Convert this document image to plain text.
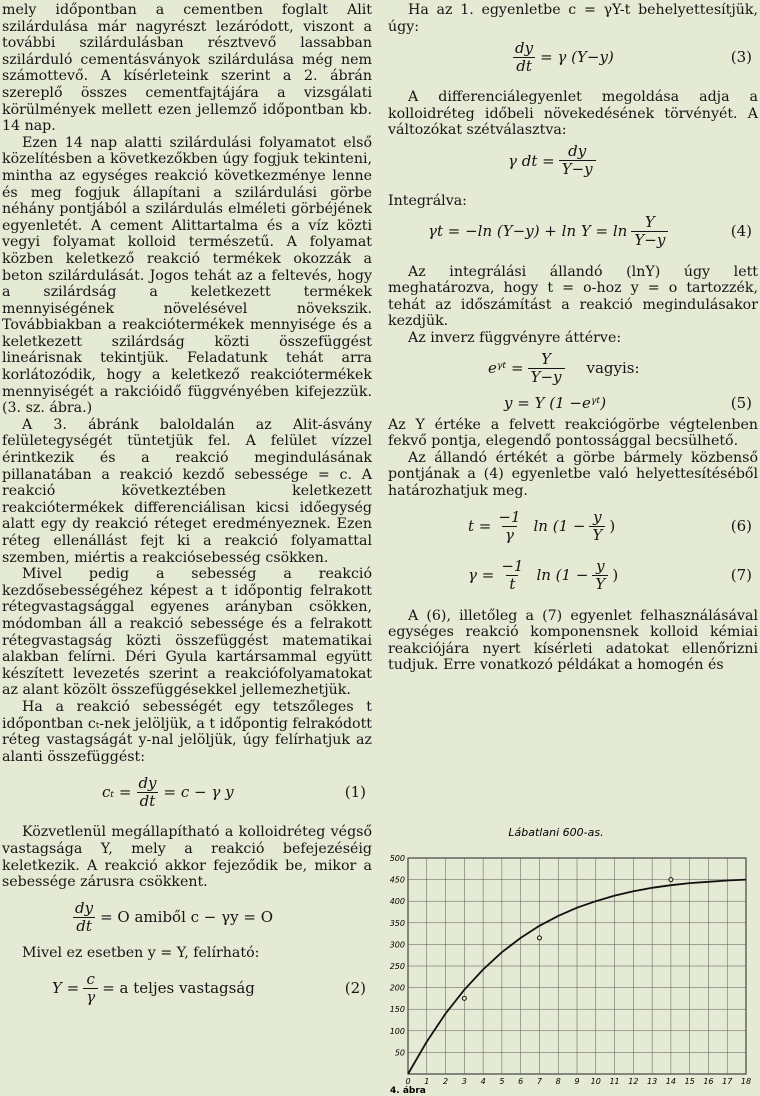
mely időpontban a cementben foglalt Alit szilárdulása már nagyrészt lezáródott, viszont a további szilárdulásban résztvevő lassabban szilárduló cementásványok szilárdulása még nem számottevő. A kísérleteink szerint a 2. ábrán szereplő összes cementfajtájára a vizsgálati körülmények mellett ezen jellemző időpontban kb. 14 nap.

Ezen 14 nap alatti szilárdulási folyamatot első közelítésben a következőkben úgy fogjuk tekinteni, mintha az egységes reakció következménye lenne és meg fogjuk állapítani a szilárdulási görbe néhány pontjából a szilárdulás elméleti görbéjének egyenletét. A cement Alittartalma és a víz közti vegyi folyamat kolloid természetű. A folyamat közben keletkező reakció termékek okozzák a beton szilárdulását. Jogos tehát az a feltevés, hogy a szilárdság a keletkezett termékek mennyiségének növelésével növekszik. Továbbiakban a reakciótermékek mennyisége és a keletkezett szilárdság közti összefüggést lineárisnak tekintjük. Feladatunk tehát arra korlátozódik, hogy a keletkező reakciótermékek mennyiségét a rakcióidő függvényében kifejezzük. (3. sz. ábra.)

A 3. ábránk baloldalán az Alit-ásvány felületegységét tüntetjük fel. A felület vízzel érintkezik és a reakció megindulásának pillanatában a reakció kezdő sebessége = c. A reakció következtében keletkezett reakciótermékek differenciálisan kicsi időegység alatt egy dy reakció réteget eredményeznek. Ezen réteg ellenállást fejt ki a reakció folyamattal szemben, miértis a reakciósebesség csökken.

Mivel pedig a sebesség a reakció kezdősebességéhez képest a t időpontig felrakott rétegvastagsággal egyenes arányban csökken, módomban áll a reakció sebessége és a felrakott rétegvastagság közti összefüggést matematikai alakban felírni. Déri Gyula kartársammal együtt készített levezetés szerint a reakciófolyamatokat az alant közölt összefüggésekkel jellemezhetjük.

Ha a reakció sebességét egy tetszőleges t időpontban cₜ-nek jelöljük, a t időpontig felrakódott réteg vastagságát y-nal jelöljük, úgy felírhatjuk az alanti összefüggést:

$c_t = \frac{dy}{dt} = c - \gamma$ y	(1)

Közvetlenül megállapítható a kolloidréteg végső vastagsága Y, mely a reakció befejezéséig keletkezik. A reakció akkor fejeződik be, mikor a sebessége zárusra csökkent.

$\frac{dy}{dt} = O$ amiből c − γy = O

Mivel ez esetben y = Y, felírható:

$Y = \frac{c}{\gamma} = a$ teljes vastagság	(2)

Ha az 1. egyenletbe c = γY-t behelyettesítjük, úgy:

$\frac{dy}{dt} = \gamma$ (Y−y)	(3)

A differenciálegyenlet megoldása adja a kolloidréteg időbeli növekedésének törvényét. A változókat szétválasztva:

γ dt = $\frac{dy}{Y-y}$

Integrálva:

γt = −ln $(Y-y) + \ln Y = \ln \frac{Y}{Y-y}$	(4)

Az integrálási állandó (lnY) úgy lett meghatározva, hogy t = o-hoz y = o tartozzék, tehát az időszámítást a reakció megindulásakor kezdjük.

Az inverz függvényre áttérve:

eᵞᵗ = $\frac{Y}{Y-y}$ vagyis:
y = Y (1 −eᵞᵗ)	(5)

Az Y értéke a felvett reakciógörbe végtelenben fekvő pontja, elegendő pontossággal becsülhető.

Az állandó értékét a görbe bármely közbenső pontjának a (4) egyenletbe való helyettesítéséből határozhatjuk meg.

$t = \frac{-1}{\gamma}$ $\ln (1 - \frac{y}{Y}$ )	(6)
$\gamma = \frac{-1}{t}$ $\ln (1 - \frac{y}{Y}$ )	(7)

A (6), illetőleg a (7) egyenlet felhasználásával egységes reakció komponensnek kolloid kémiai reakciójára nyert kísérleti adatokat ellenőrizni tudjuk. Erre vonatkozó példákat a homogén és

Lábatlani 600-as.
0 1 2 3 4 5 6 7 8 9 10 11 12 13 14 15 16 17 18
50
100
150
200
250
300
350
400
450
500
4. ábra
